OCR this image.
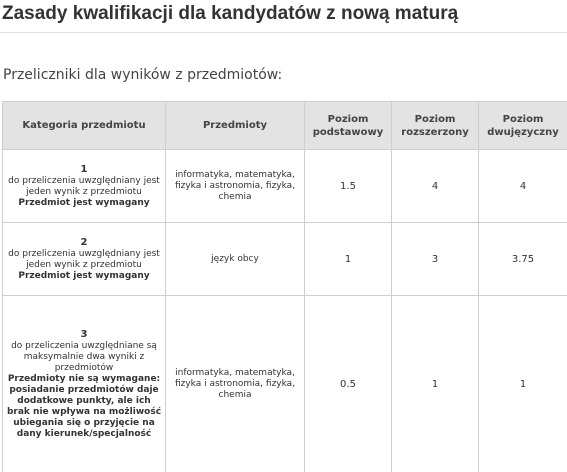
Zasady kwalifikacji dla kandydatów z nową maturą
Przeliczniki dla wyników z przedmiotów:
Kategoria przedmiotu	Przedmioty	Poziom podstawowy	Poziom rozszerzony	Poziom dwujęzyczny

1
do przeliczenia uwzględniany jest jeden wynik z przedmiotu
Przedmiot jest wymagany	informatyka, matematyka, fizyka i astronomia, fizyka, chemia	1.5	4	4

2
do przeliczenia uwzględniany jest jeden wynik z przedmiotu
Przedmiot jest wymagany	język obcy	1	3	3.75

3
do przeliczenia uwzględniane są maksymalnie dwa wyniki z przedmiotów
Przedmioty nie są wymagane: posiadanie przedmiotów daje dodatkowe punkty, ale ich brak nie wpływa na możliwość ubiegania się o przyjęcie na dany kierunek/specjalność	informatyka, matematyka, fizyka i astronomia, fizyka, chemia	0.5	1	1
